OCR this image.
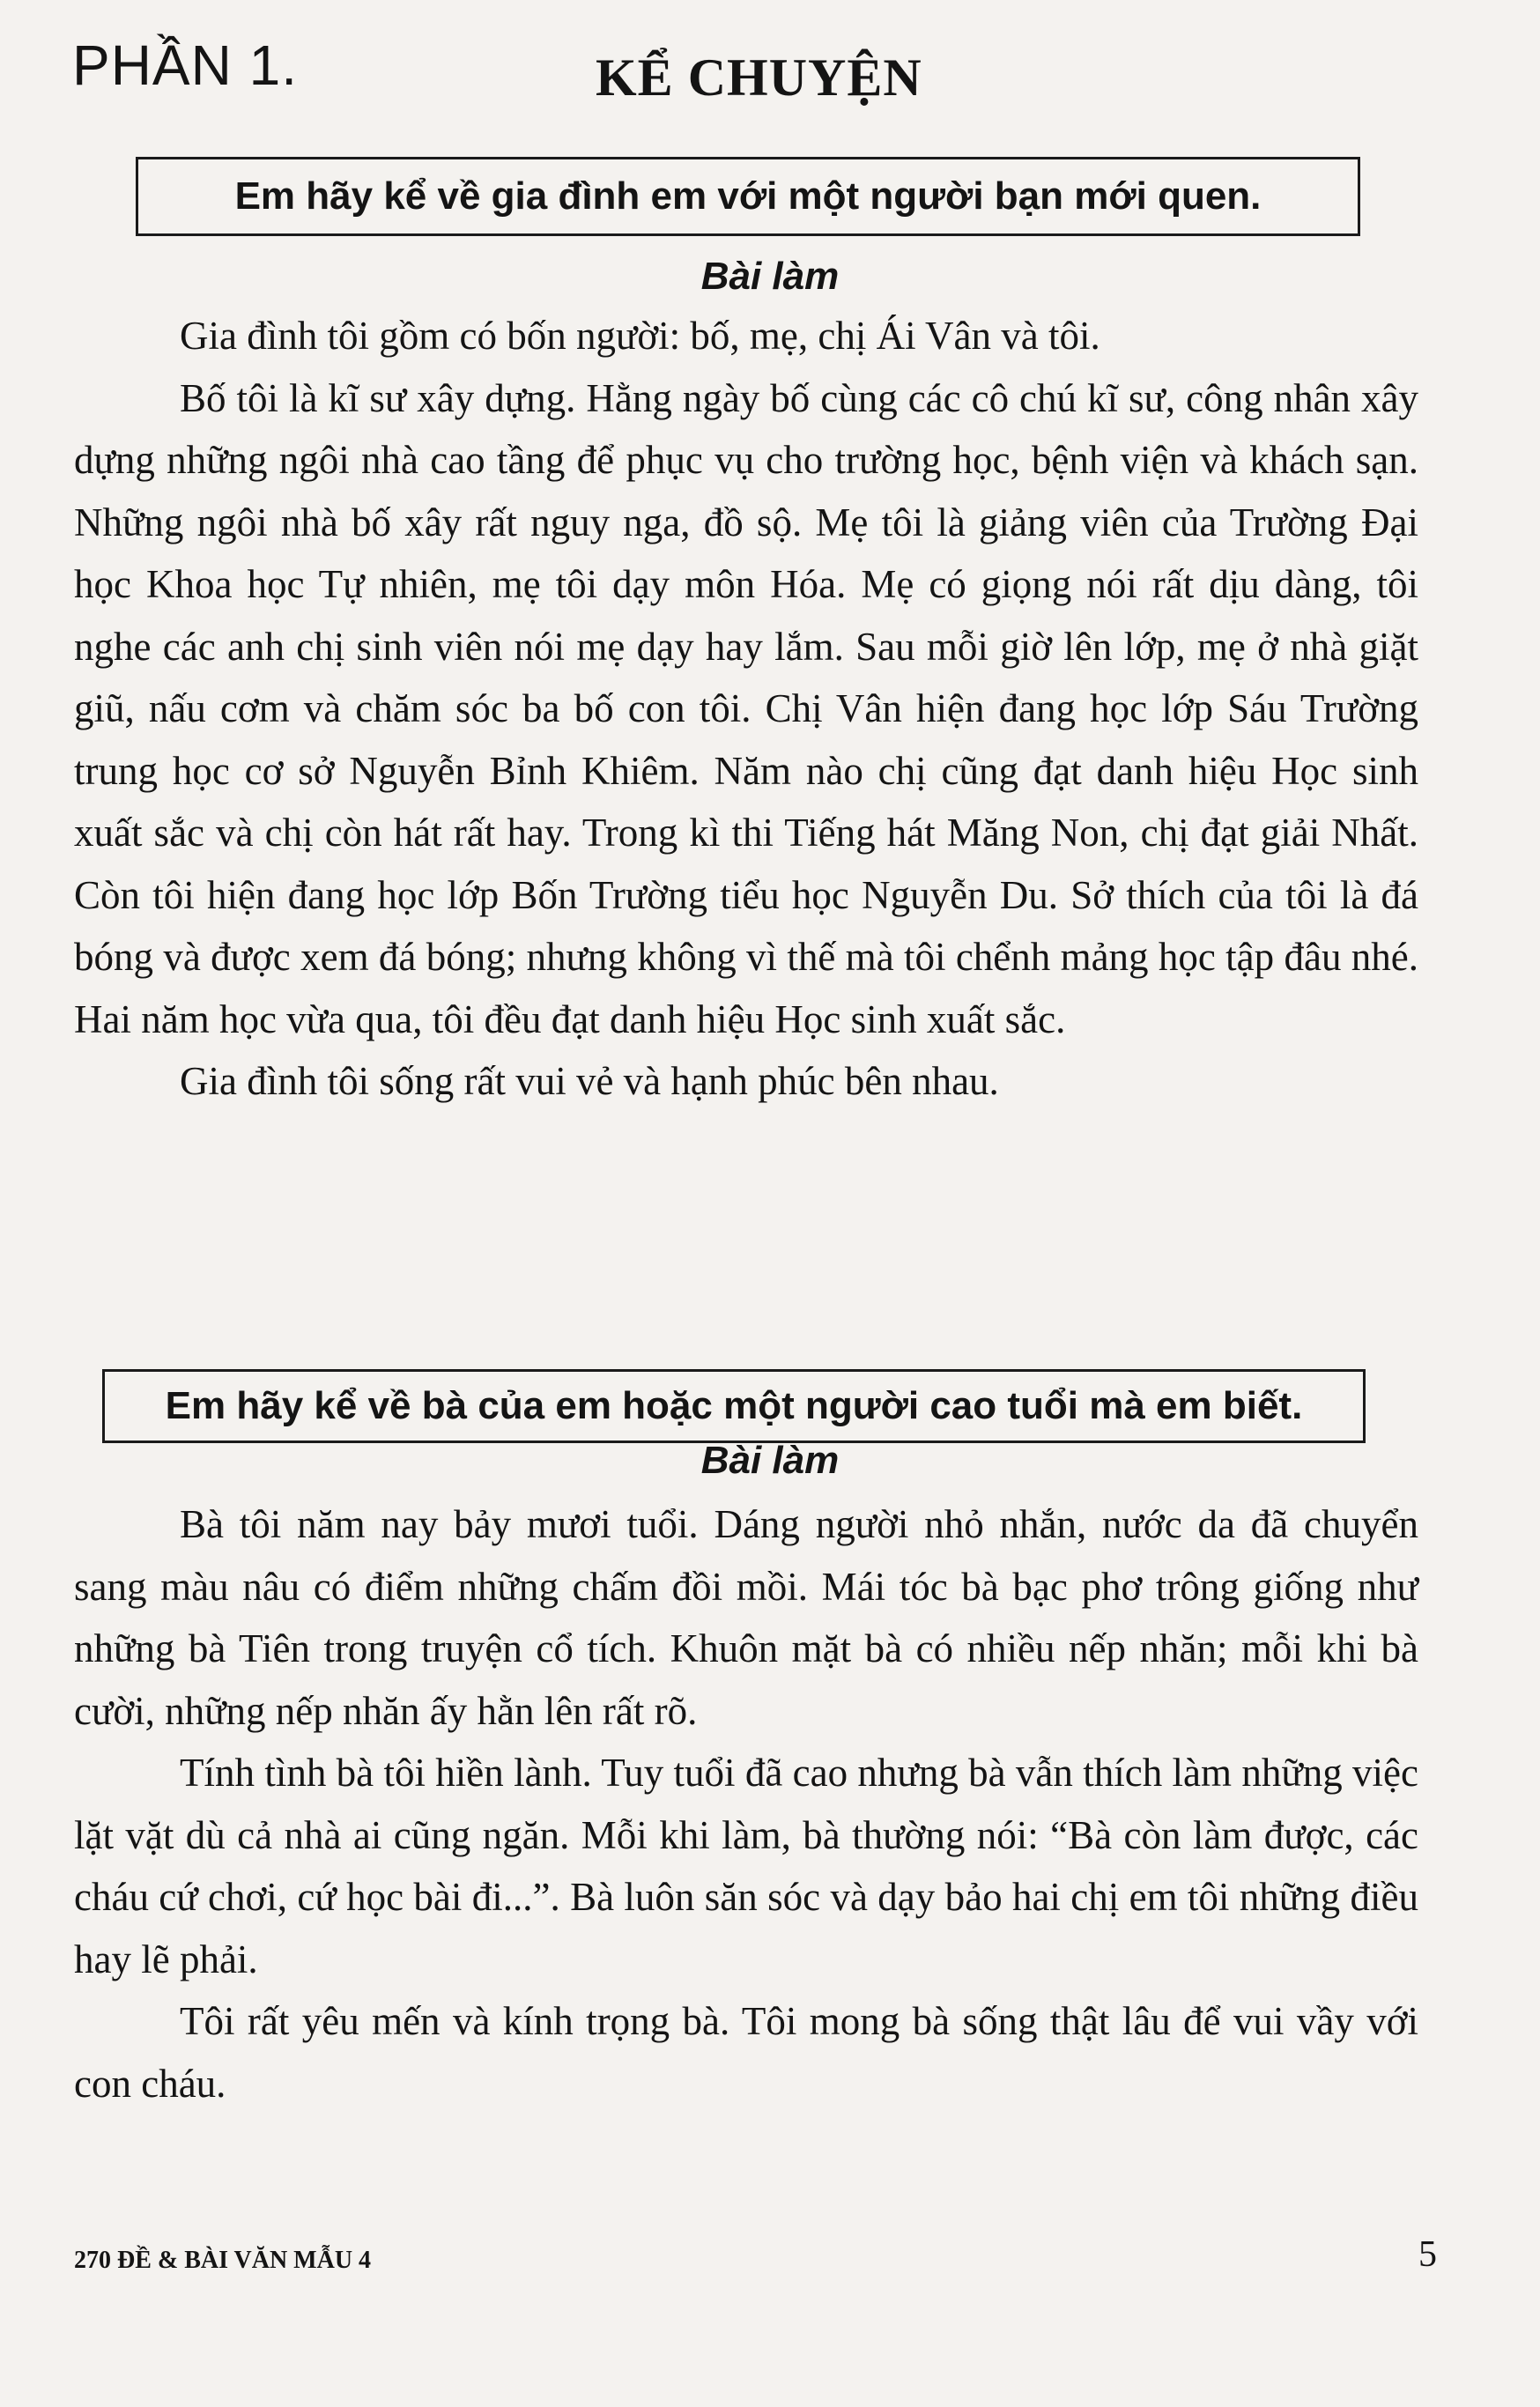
PHẦN 1.	KỂ CHUYỆN
Em hãy kể về gia đình em với một người bạn mới quen.
Bài làm

Gia đình tôi gồm có bốn người: bố, mẹ, chị Ái Vân và tôi.

Bố tôi là kĩ sư xây dựng. Hằng ngày bố cùng các cô chú kĩ sư, công nhân xây dựng những ngôi nhà cao tầng để phục vụ cho trường học, bệnh viện và khách sạn. Những ngôi nhà bố xây rất nguy nga, đồ sộ. Mẹ tôi là giảng viên của Trường Đại học Khoa học Tự nhiên, mẹ tôi dạy môn Hóa. Mẹ có giọng nói rất dịu dàng, tôi nghe các anh chị sinh viên nói mẹ dạy hay lắm. Sau mỗi giờ lên lớp, mẹ ở nhà giặt giũ, nấu cơm và chăm sóc ba bố con tôi. Chị Vân hiện đang học lớp Sáu Trường trung học cơ sở Nguyễn Bỉnh Khiêm. Năm nào chị cũng đạt danh hiệu Học sinh xuất sắc và chị còn hát rất hay. Trong kì thi Tiếng hát Măng Non, chị đạt giải Nhất. Còn tôi hiện đang học lớp Bốn Trường tiểu học Nguyễn Du. Sở thích của tôi là đá bóng và được xem đá bóng; nhưng không vì thế mà tôi chểnh mảng học tập đâu nhé. Hai năm học vừa qua, tôi đều đạt danh hiệu Học sinh xuất sắc.

Gia đình tôi sống rất vui vẻ và hạnh phúc bên nhau.

Em hãy kể về bà của em hoặc một người cao tuổi mà em biết.
Bài làm

Bà tôi năm nay bảy mươi tuổi. Dáng người nhỏ nhắn, nước da đã chuyển sang màu nâu có điểm những chấm đồi mồi. Mái tóc bà bạc phơ trông giống như những bà Tiên trong truyện cổ tích. Khuôn mặt bà có nhiều nếp nhăn; mỗi khi bà cười, những nếp nhăn ấy hằn lên rất rõ.

Tính tình bà tôi hiền lành. Tuy tuổi đã cao nhưng bà vẫn thích làm những việc lặt vặt dù cả nhà ai cũng ngăn. Mỗi khi làm, bà thường nói: “Bà còn làm được, các cháu cứ chơi, cứ học bài đi...”. Bà luôn săn sóc và dạy bảo hai chị em tôi những điều hay lẽ phải.

Tôi rất yêu mến và kính trọng bà. Tôi mong bà sống thật lâu để vui vầy với con cháu.

270 ĐỀ & BÀI VĂN MẪU 4	5
